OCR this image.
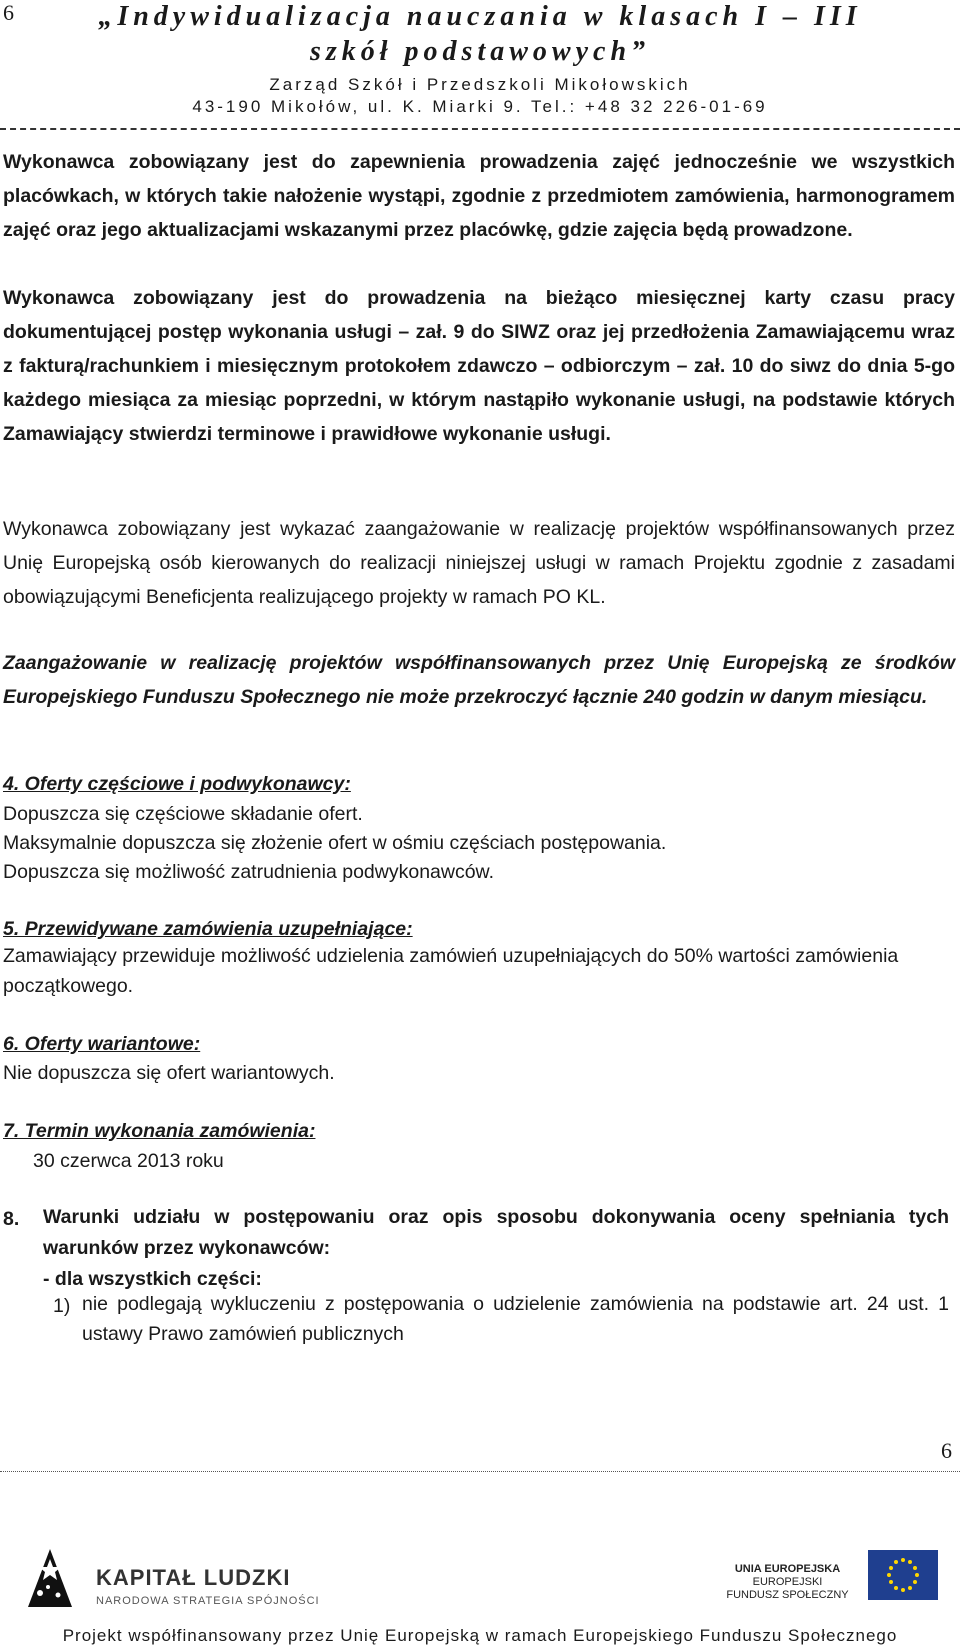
6	„Indywidualizacja nauczania w klasach I – III
szkół podstawowych”
Zarząd Szkół i Przedszkoli Mikołowskich
43-190 Mikołów, ul. K. Miarki 9. Tel.: +48 32 226-01-69

Wykonawca zobowiązany jest do zapewnienia prowadzenia zajęć jednocześnie we wszystkich placówkach, w których takie nałożenie wystąpi, zgodnie z przedmiotem zamówienia, harmonogramem zajęć oraz jego aktualizacjami wskazanymi przez placówkę, gdzie zajęcia będą prowadzone.

Wykonawca zobowiązany jest do prowadzenia na bieżąco miesięcznej karty czasu pracy dokumentującej postęp wykonania usługi – zał. 9 do SIWZ oraz jej przedłożenia Zamawiającemu wraz z fakturą/rachunkiem i miesięcznym protokołem zdawczo – odbiorczym – zał. 10 do siwz do dnia 5-go każdego miesiąca za miesiąc poprzedni, w którym nastąpiło wykonanie usługi, na podstawie których Zamawiający stwierdzi terminowe i prawidłowe wykonanie usługi.

Wykonawca zobowiązany jest wykazać zaangażowanie w realizację projektów współfinansowanych przez Unię Europejską osób kierowanych do realizacji niniejszej usługi w ramach Projektu zgodnie z zasadami obowiązującymi Beneficjenta realizującego projekty w ramach PO KL.

Zaangażowanie w realizację projektów współfinansowanych przez Unię Europejską ze środków Europejskiego Funduszu Społecznego nie może przekroczyć łącznie 240 godzin w danym miesiącu.

4. Oferty częściowe i podwykonawcy:

Dopuszcza się częściowe składanie ofert.

Maksymalnie dopuszcza się złożenie ofert w ośmiu częściach postępowania.

Dopuszcza się możliwość zatrudnienia podwykonawców.

5. Przewidywane zamówienia uzupełniające:

Zamawiający przewiduje możliwość udzielenia zamówień uzupełniających do 50% wartości zamówienia początkowego.

6. Oferty wariantowe:

Nie dopuszcza się ofert wariantowych.

7. Termin wykonania zamówienia:

30 czerwca 2013 roku

8.	Warunki udziału w postępowaniu oraz opis sposobu dokonywania oceny spełniania tych warunków przez wykonawców:

- dla wszystkich części:

1) nie podlegają wykluczeniu z postępowania o udzielenie zamówienia na podstawie art. 24 ust. 1 ustawy Prawo zamówień publicznych

6
KAPITAŁ LUDZKI
NARODOWA STRATEGIA SPÓJNOŚCI
UNIA EUROPEJSKA
EUROPEJSKI
FUNDUSZ SPOŁECZNY
Projekt współfinansowany przez Unię Europejską w ramach Europejskiego Funduszu Społecznego
